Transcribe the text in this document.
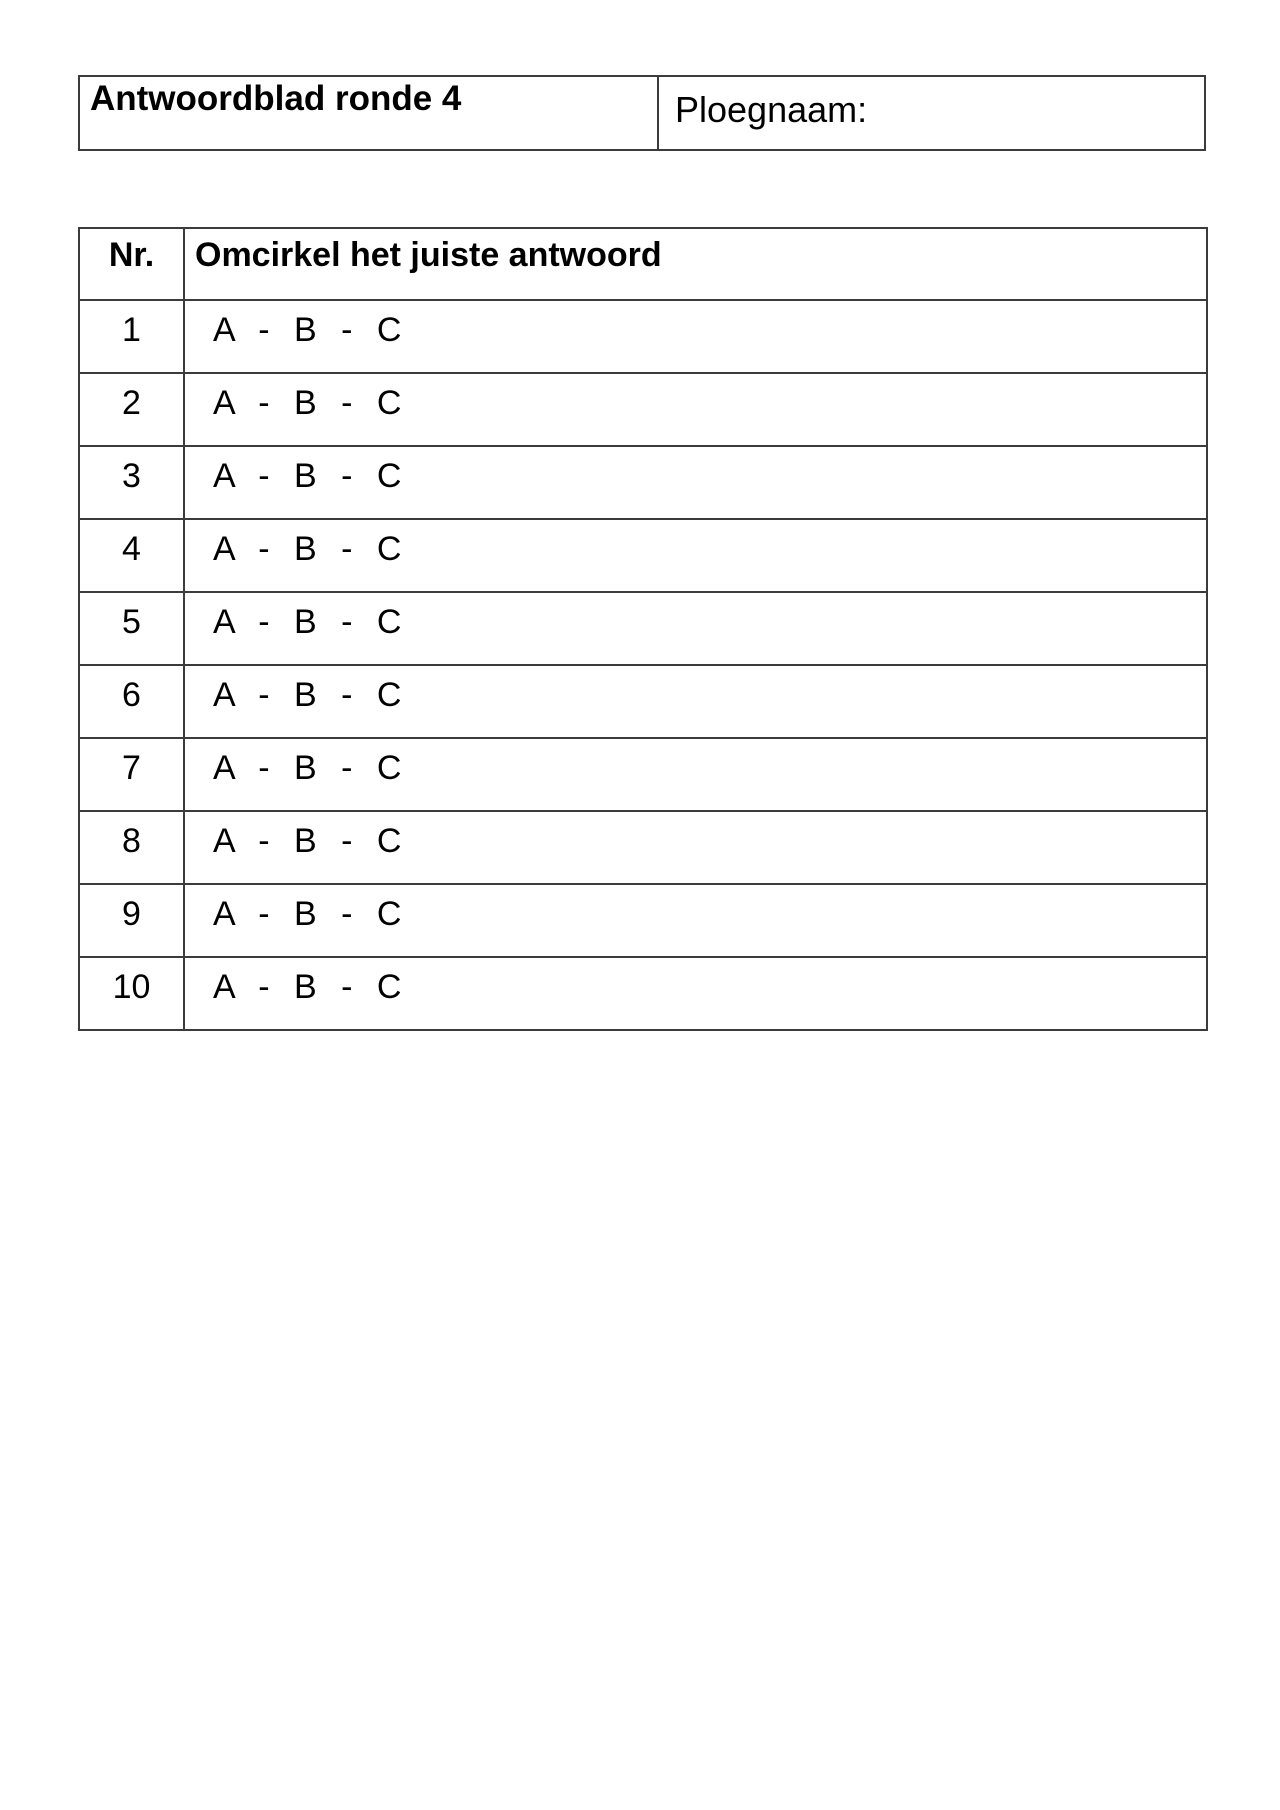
Antwoordblad ronde 4	Ploegnaam:
Nr.	Omcirkel het juiste antwoord
1	A - B - C
2	A - B - C
3	A - B - C
4	A - B - C
5	A - B - C
6	A - B - C
7	A - B - C
8	A - B - C
9	A - B - C
10	A - B - C
